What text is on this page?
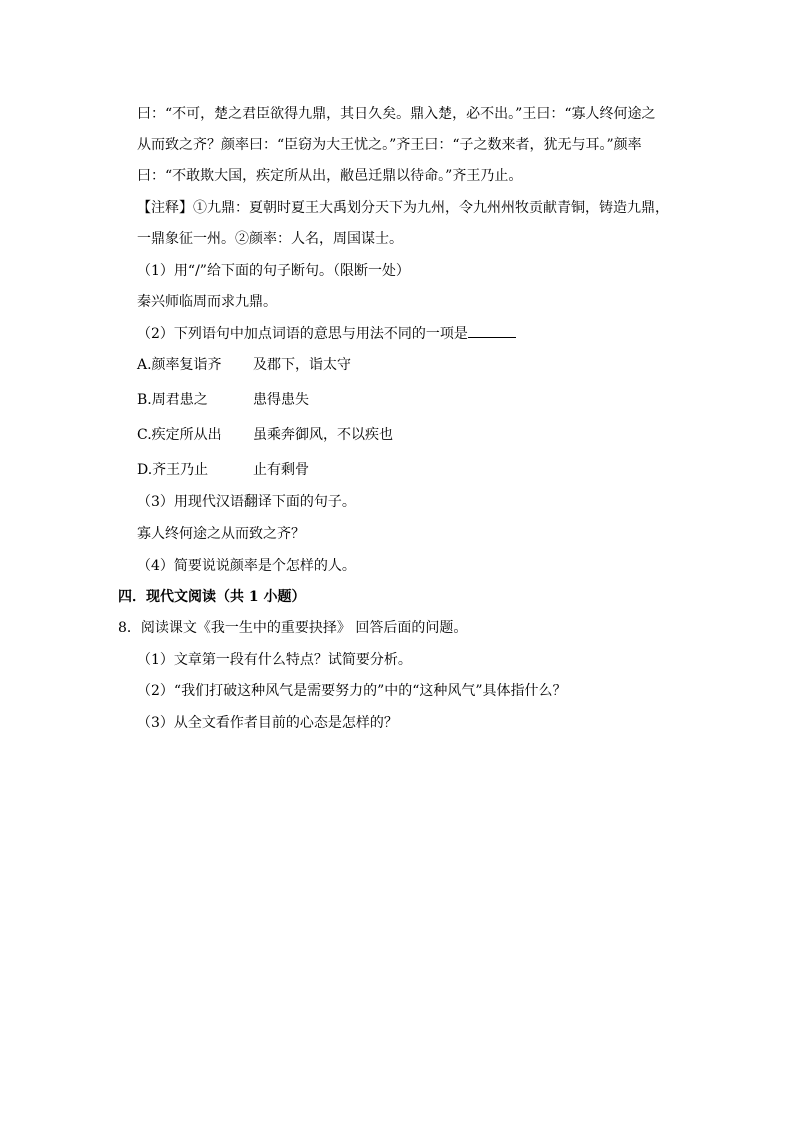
曰：“不可，楚之君臣欲得九鼎，其日久矣。鼎入楚，必不出。”王曰：“寡人终何途之
从而致之齐？颜率曰：“臣窃为大王忧之。”齐王曰：“子之数来者，犹无与耳。”颜率
曰：“不敢欺大国，疾定所从出，敝邑迁鼎以待命。”齐王乃止。
【注释】①九鼎：夏朝时夏王大禹划分天下为九州，令九州州牧贡献青铜，铸造九鼎，
一鼎象征一州。②颜率：人名，周国谋士。
（1）用“/”给下面的句子断句。（限断一处）
秦兴师临周而求九鼎。
（2）下列语句中加点词语的意思与用法不同的一项是
A.颜率复诣齐 及郡下，诣太守
B.周君患之	患得患失
C.疾定所从出 虽乘奔御风，不以疾也
D.齐王乃止	止有剩骨
（3）用现代汉语翻译下面的句子。
寡人终何途之从而致之齐？
（4）简要说说颜率是个怎样的人。
四．现代文阅读（共 1 小题）
8．阅读课文《我一生中的重要抉择》 回答后面的问题。
（1）文章第一段有什么特点？试简要分析。
（2）“我们打破这种风气是需要努力的”中的“这种风气”具体指什么？
（3）从全文看作者目前的心态是怎样的？
